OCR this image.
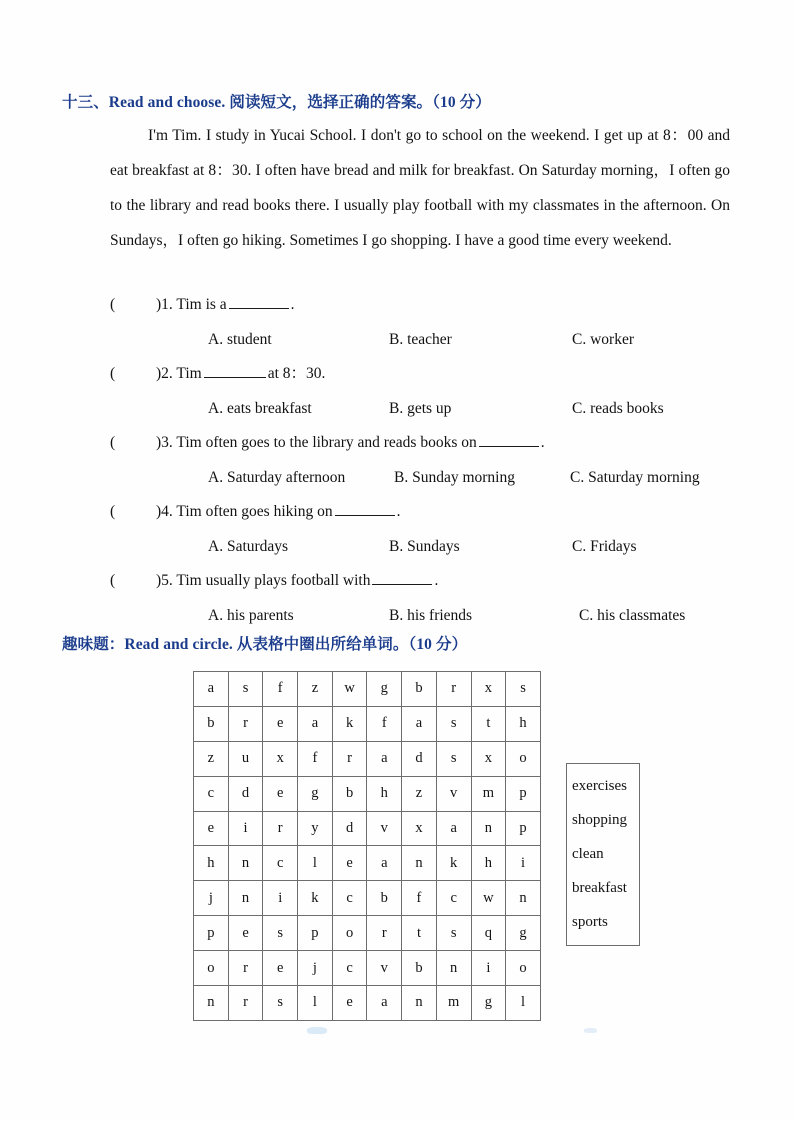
十三、Read and choose. 阅读短文，选择正确的答案。（10 分）
I'm Tim. I study in Yucai School. I don't go to school on the weekend. I get up at 8：00 and eat breakfast at 8：30. I often have bread and milk for breakfast. On Saturday morning，I often go to the library and read books there. I usually play football with my classmates in the afternoon. On Sundays，I often go hiking. Sometimes I go shopping. I have a good time every weekend.
(	)1. Tim is a	.
A. student	B. teacher	C. worker
(	)2. Tim	at 8：30.
A. eats breakfast	B. gets up	C. reads books
(	)3. Tim often goes to the library and reads books on	.
A. Saturday afternoon	B. Sunday morning	C. Saturday morning
(	)4. Tim often goes hiking on	.
A. Saturdays	B. Sundays	C. Fridays
(	)5. Tim usually plays football with	.
A. his parents	B. his friends	C. his classmates
趣味题：Read and circle. 从表格中圈出所给单词。（10 分）
a	s	f	z	w	g	b	r	x	s
b	r	e	a	k	f	a	s	t	h
z	u	x	f	r	a	d	s	x	o
c	d	e	g	b	h	z	v	m	p
e	i	r	y	d	v	x	a	n	p
h	n	c	l	e	a	n	k	h	i
j	n	i	k	c	b	f	c	w	n
p	e	s	p	o	r	t	s	q	g
o	r	e	j	c	v	b	n	i	o
n	r	s	l	e	a	n	m	g	l
exercises
shopping
clean
breakfast
sports
